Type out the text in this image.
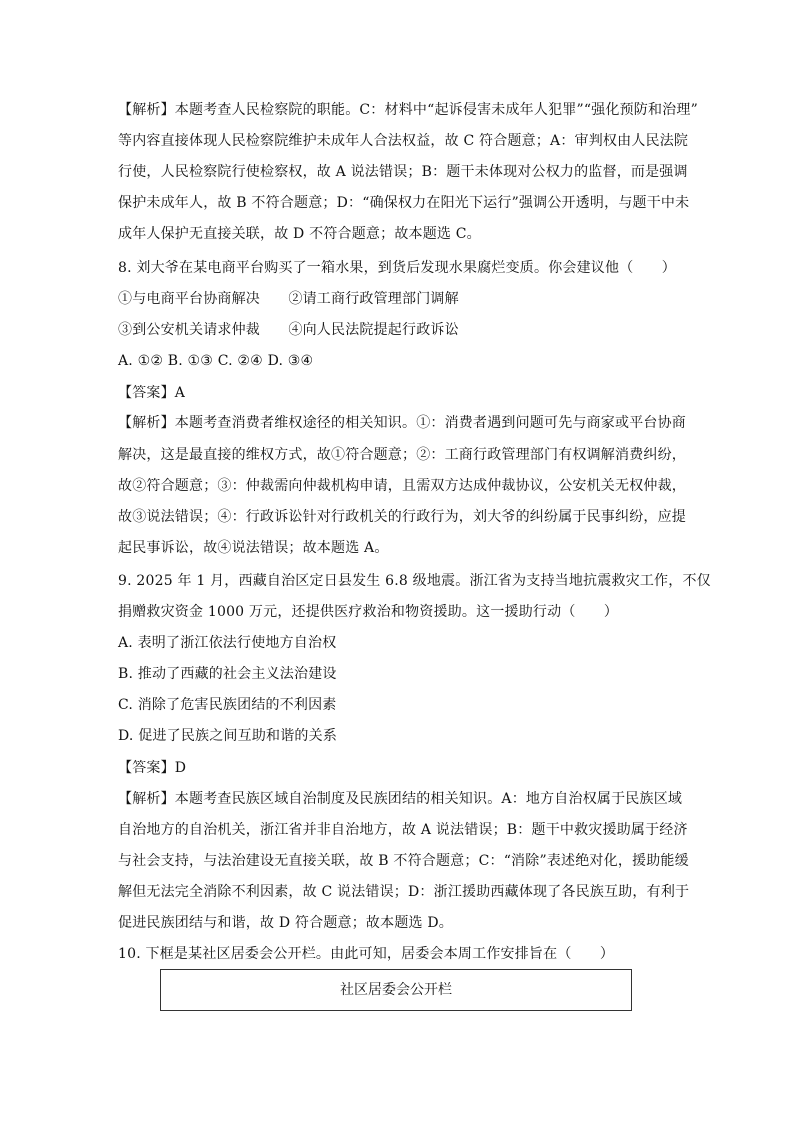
【解析】本题考查人民检察院的职能。C：材料中“起诉侵害未成年人犯罪”“强化预防和治理”
等内容直接体现人民检察院维护未成年人合法权益，故 C 符合题意；A：审判权由人民法院
行使，人民检察院行使检察权，故 A 说法错误；B：题干未体现对公权力的监督，而是强调
保护未成年人，故 B 不符合题意；D：“确保权力在阳光下运行”强调公开透明，与题干中未
成年人保护无直接关联，故 D 不符合题意；故本题选 C。
8. 刘大爷在某电商平台购买了一箱水果，到货后发现水果腐烂变质。你会建议他（　　）
①与电商平台协商解决　　②请工商行政管理部门调解
③到公安机关请求仲裁　　④向人民法院提起行政诉讼
A. ①② B. ①③ C. ②④ D. ③④
【答案】A
【解析】本题考查消费者维权途径的相关知识。①：消费者遇到问题可先与商家或平台协商
解决，这是最直接的维权方式，故①符合题意；②：工商行政管理部门有权调解消费纠纷，
故②符合题意；③：仲裁需向仲裁机构申请，且需双方达成仲裁协议，公安机关无权仲裁，
故③说法错误；④：行政诉讼针对行政机关的行政行为，刘大爷的纠纷属于民事纠纷，应提
起民事诉讼，故④说法错误；故本题选 A。
9. 2025 年 1 月，西藏自治区定日县发生 6.8 级地震。浙江省为支持当地抗震救灾工作，不仅
捐赠救灾资金 1000 万元，还提供医疗救治和物资援助。这一援助行动（　　）
A. 表明了浙江依法行使地方自治权
B. 推动了西藏的社会主义法治建设
C. 消除了危害民族团结的不利因素
D. 促进了民族之间互助和谐的关系
【答案】D
【解析】本题考查民族区域自治制度及民族团结的相关知识。A：地方自治权属于民族区域
自治地方的自治机关，浙江省并非自治地方，故 A 说法错误；B：题干中救灾援助属于经济
与社会支持，与法治建设无直接关联，故 B 不符合题意；C：“消除”表述绝对化，援助能缓
解但无法完全消除不利因素，故 C 说法错误；D：浙江援助西藏体现了各民族互助，有利于
促进民族团结与和谐，故 D 符合题意；故本题选 D。
10. 下框是某社区居委会公开栏。由此可知，居委会本周工作安排旨在（　　）
社区居委会公开栏
